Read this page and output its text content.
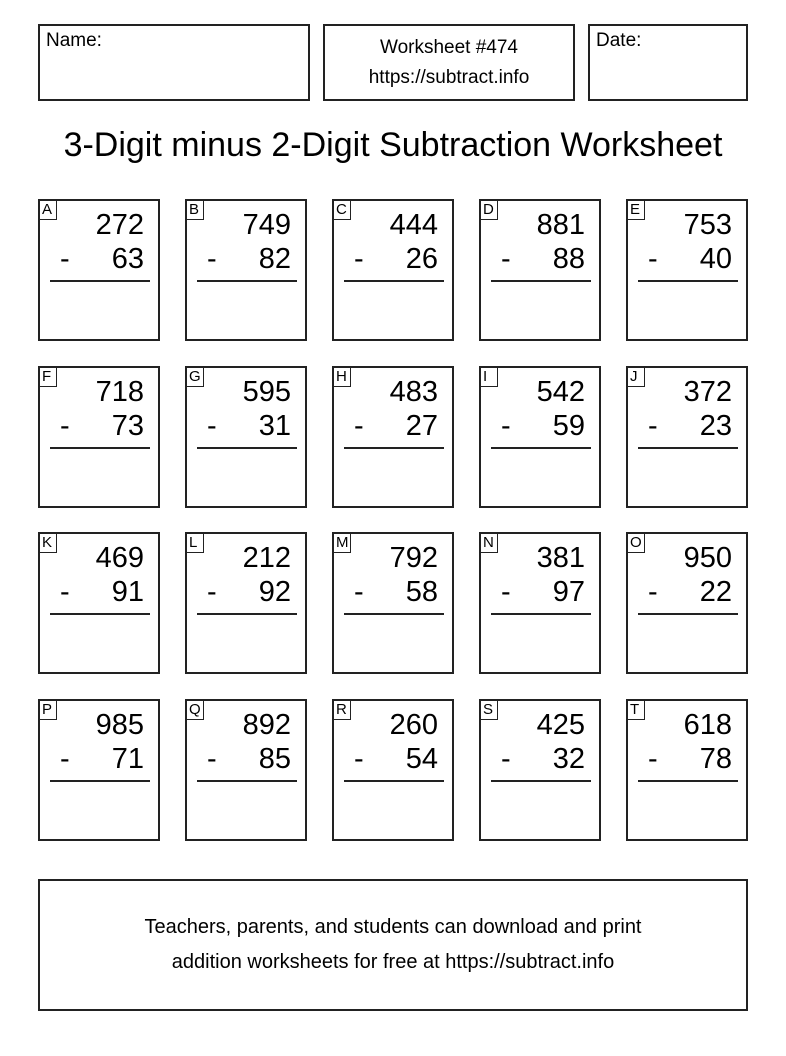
Name:	Worksheet #474
https://subtract.info
Date:
3-Digit minus 2-Digit Subtraction Worksheet
A 272
- 63
B 749
- 82
C 444
- 26
D 881
- 88
E 753
- 40
F 718
- 73
G 595
- 31
H 483
- 27
I	542
- 59
J 372
- 23
K 469
- 91
L 212
- 92
M 792
- 58
N 381
- 97
O 950
- 22
P 985
- 71
Q 892
- 85
R 260
- 54
S 425
- 32
T 618
- 78
Teachers, parents, and students can download and print
addition worksheets for free at https://subtract.info
